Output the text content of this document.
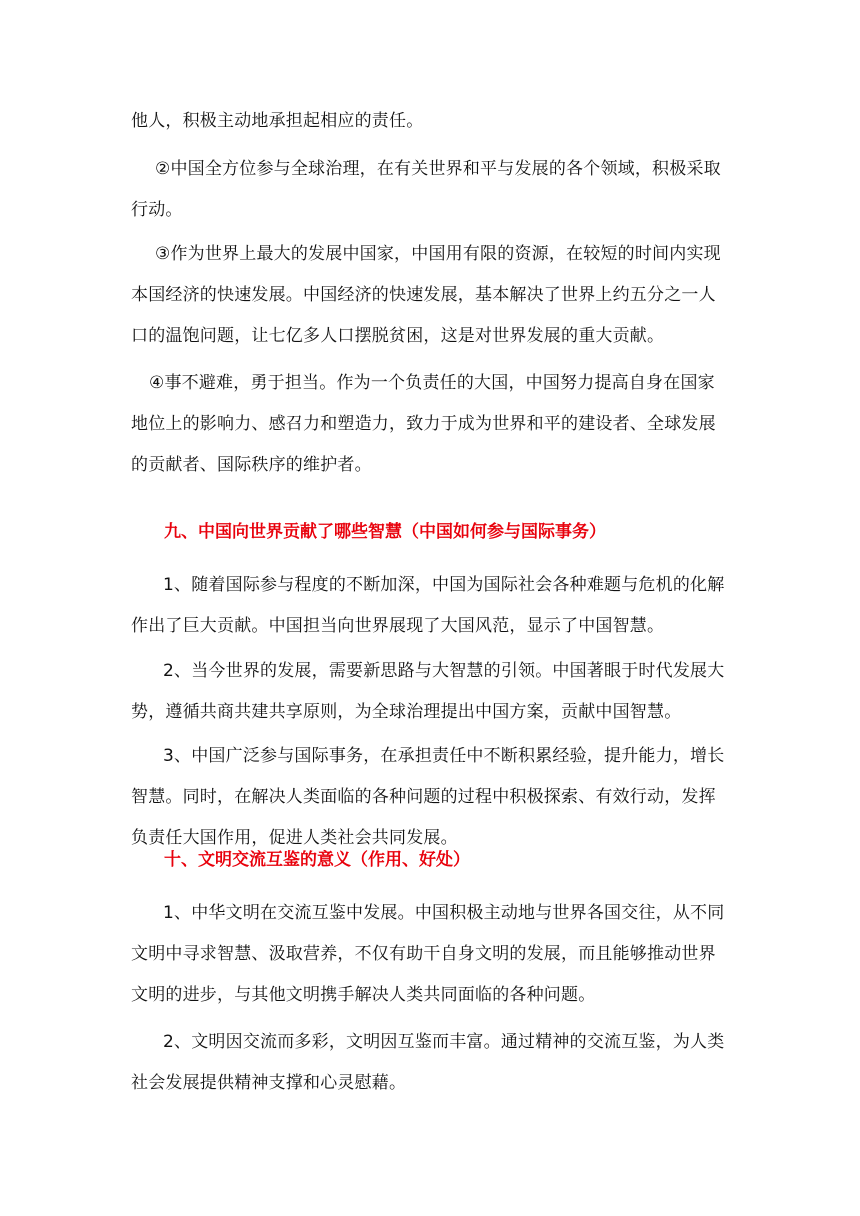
他人，积极主动地承担起相应的责任。

②中国全方位参与全球治理，在有关世界和平与发展的各个领域，积极采取行动。

③作为世界上最大的发展中国家，中国用有限的资源，在较短的时间内实现本国经济的快速发展。中国经济的快速发展，基本解决了世界上约五分之一人口的温饱问题，让七亿多人口摆脱贫困，这是对世界发展的重大贡献。

④事不避难，勇于担当。作为一个负责任的大国，中国努力提高自身在国家地位上的影响力、感召力和塑造力，致力于成为世界和平的建设者、全球发展的贡献者、国际秩序的维护者。

九、中国向世界贡献了哪些智慧（中国如何参与国际事务）

1、随着国际参与程度的不断加深，中国为国际社会各种难题与危机的化解作出了巨大贡献。中国担当向世界展现了大国风范，显示了中国智慧。

2、当今世界的发展，需要新思路与大智慧的引领。中国著眼于时代发展大势，遵循共商共建共享原则，为全球治理提出中国方案，贡献中国智慧。

3、中国广泛参与国际事务，在承担责任中不断积累经验，提升能力，增长智慧。同时，在解决人类面临的各种问题的过程中积极探索、有效行动，发挥负责任大国作用，促进人类社会共同发展。

十、文明交流互鉴的意义（作用、好处）

1、中华文明在交流互鉴中发展。中国积极主动地与世界各国交往，从不同文明中寻求智慧、汲取营养，不仅有助干自身文明的发展，而且能够推动世界文明的进步，与其他文明携手解决人类共同面临的各种问题。

2、文明因交流而多彩，文明因互鉴而丰富。通过精神的交流互鉴，为人类社会发展提供精神支撑和心灵慰藉。
